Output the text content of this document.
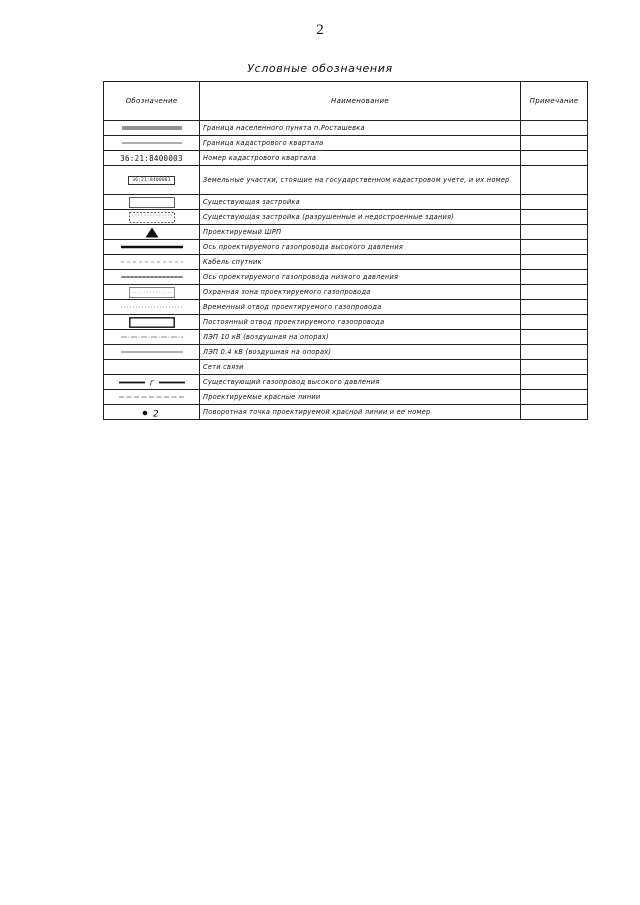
2
Условные обозначения
Обозначение	Наименование	Примечание

	Граница населенного пункта п.Росташевка	

	Граница кадастрового квартала	
36:21:8400003	Номер кадастрового квартала	
36:21:8400003	Земельные участки, стоящие на государственном кадастровом учете, и их номер	

	Существующая застройка	

	Существующая застройка (разрушенные и недостроенные здания)	

	Проектируемый ШРП	

	Ось проектируемого газопровода высокого давления	

	Кабель спутник	

	Ось проектируемого газопровода низкого давления	

	Охранная зона проектируемого газопровода	

	Временный отвод проектируемого газопровода	

	Постоянный отвод проектируемого газопровода	

	ЛЭП 10 кВ (воздушная на опорах)	

	ЛЭП 0.4 кВ (воздушная на опорах)	
	Сети связи	

Г	Существующий газопровод высокого давления	

	Проектируемые красные линии	

2	Поворотная точка проектируемой красной линии и ее номер	
